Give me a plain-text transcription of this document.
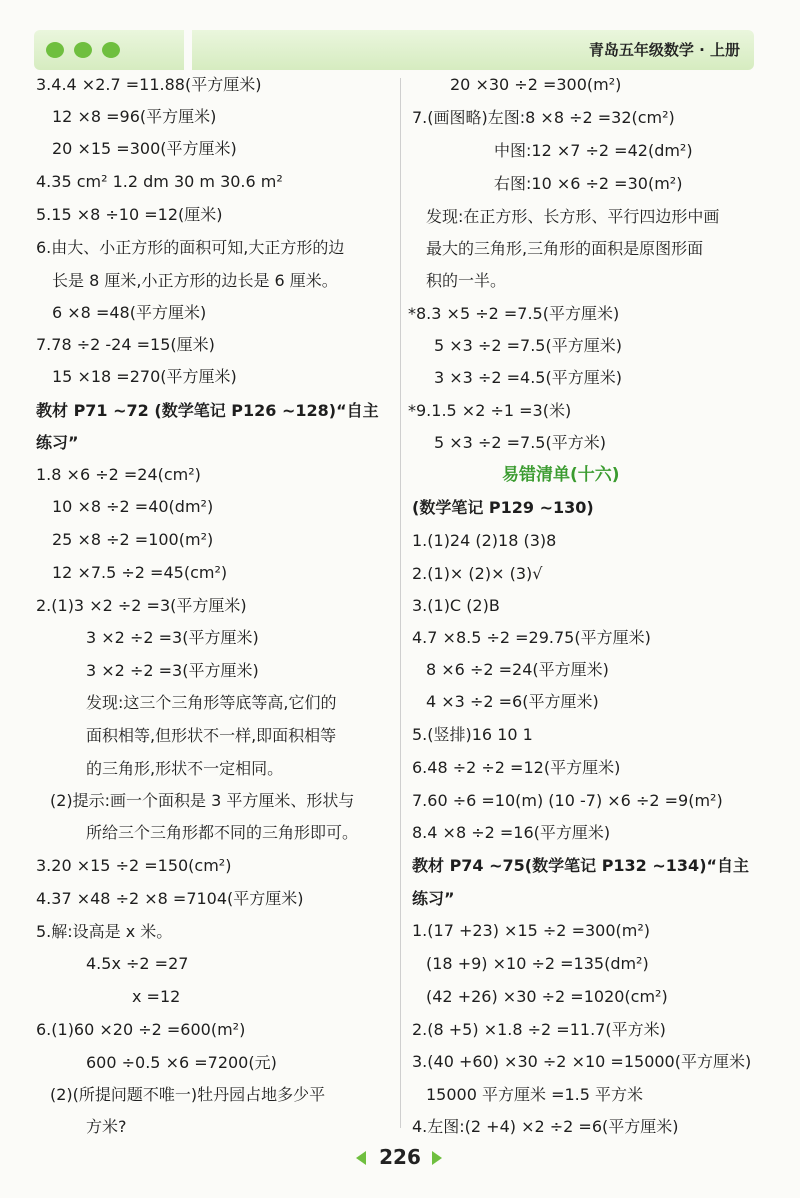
青岛五年级数学 · 上册
3.4.4 ×2.7 =11.88(平方厘米)
12 ×8 =96(平方厘米)
20 ×15 =300(平方厘米)
4.35 cm² 1.2 dm 30 m 30.6 m²
5.15 ×8 ÷10 =12(厘米)
6.由大、小正方形的面积可知,大正方形的边
长是 8 厘米,小正方形的边长是 6 厘米。
6 ×8 =48(平方厘米)
7.78 ÷2 -24 =15(厘米)
15 ×18 =270(平方厘米)
教材 P71 ~72 (数学笔记 P126 ~128)“自主
练习”
1.8 ×6 ÷2 =24(cm²)
10 ×8 ÷2 =40(dm²)
25 ×8 ÷2 =100(m²)
12 ×7.5 ÷2 =45(cm²)
2.(1)3 ×2 ÷2 =3(平方厘米)
3 ×2 ÷2 =3(平方厘米)
3 ×2 ÷2 =3(平方厘米)
发现:这三个三角形等底等高,它们的
面积相等,但形状不一样,即面积相等
的三角形,形状不一定相同。
(2)提示:画一个面积是 3 平方厘米、形状与
所给三个三角形都不同的三角形即可。
3.20 ×15 ÷2 =150(cm²)
4.37 ×48 ÷2 ×8 =7104(平方厘米)
5.解:设高是 x 米。
4.5x ÷2 =27
x =12
6.(1)60 ×20 ÷2 =600(m²)
600 ÷0.5 ×6 =7200(元)
(2)(所提问题不唯一)牡丹园占地多少平
方米?
20 ×30 ÷2 =300(m²)
7.(画图略)左图:8 ×8 ÷2 =32(cm²)
中图:12 ×7 ÷2 =42(dm²)
右图:10 ×6 ÷2 =30(m²)
发现:在正方形、长方形、平行四边形中画
最大的三角形,三角形的面积是原图形面
积的一半。
*8.3 ×5 ÷2 =7.5(平方厘米)
5 ×3 ÷2 =7.5(平方厘米)
3 ×3 ÷2 =4.5(平方厘米)
*9.1.5 ×2 ÷1 =3(米)
5 ×3 ÷2 =7.5(平方米)
易错清单(十六)
(数学笔记 P129 ~130)
1.(1)24 (2)18 (3)8
2.(1)× (2)× (3)√
3.(1)C (2)B
4.7 ×8.5 ÷2 =29.75(平方厘米)
8 ×6 ÷2 =24(平方厘米)
4 ×3 ÷2 =6(平方厘米)
5.(竖排)16 10 1
6.48 ÷2 ÷2 =12(平方厘米)
7.60 ÷6 =10(m) (10 -7) ×6 ÷2 =9(m²)
8.4 ×8 ÷2 =16(平方厘米)
教材 P74 ~75(数学笔记 P132 ~134)“自主
练习”
1.(17 +23) ×15 ÷2 =300(m²)
(18 +9) ×10 ÷2 =135(dm²)
(42 +26) ×30 ÷2 =1020(cm²)
2.(8 +5) ×1.8 ÷2 =11.7(平方米)
3.(40 +60) ×30 ÷2 ×10 =15000(平方厘米)
15000 平方厘米 =1.5 平方米
4.左图:(2 +4) ×2 ÷2 =6(平方厘米)
226
